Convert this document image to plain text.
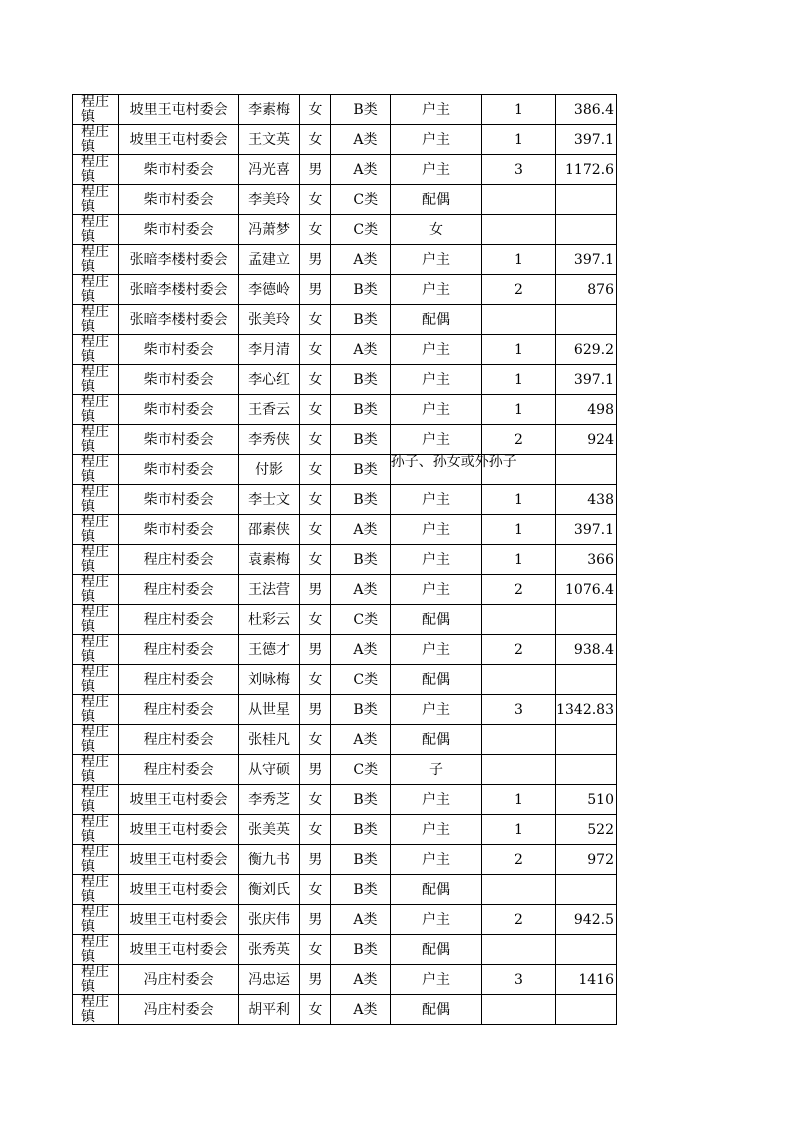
程庄镇	坡里王屯村委会	李素梅	女	B类	户主	1	386.4

程庄镇	坡里王屯村委会	王文英	女	A类	户主	1	397.1

程庄镇	柴市村委会	冯光喜	男	A类	户主	3	1172.6

程庄镇	柴市村委会	李美玲	女	C类	配偶		

程庄镇	柴市村委会	冯萧梦	女	C类	女		

程庄镇	张暗李楼村委会	孟建立	男	A类	户主	1	397.1

程庄镇	张暗李楼村委会	李德岭	男	B类	户主	2	876

程庄镇	张暗李楼村委会	张美玲	女	B类	配偶		

程庄镇	柴市村委会	李月清	女	A类	户主	1	629.2

程庄镇	柴市村委会	李心红	女	B类	户主	1	397.1

程庄镇	柴市村委会	王香云	女	B类	户主	1	498

程庄镇	柴市村委会	李秀侠	女	B类	户主	2	924

程庄镇	柴市村委会	付影	女	B类	孙子、孙女或外孙子		

程庄镇	柴市村委会	李士文	女	B类	户主	1	438

程庄镇	柴市村委会	邵素侠	女	A类	户主	1	397.1

程庄镇	程庄村委会	袁素梅	女	B类	户主	1	366

程庄镇	程庄村委会	王法营	男	A类	户主	2	1076.4

程庄镇	程庄村委会	杜彩云	女	C类	配偶		

程庄镇	程庄村委会	王德才	男	A类	户主	2	938.4

程庄镇	程庄村委会	刘咏梅	女	C类	配偶		

程庄镇	程庄村委会	从世星	男	B类	户主	3	1342.83

程庄镇	程庄村委会	张桂凡	女	A类	配偶		

程庄镇	程庄村委会	从守硕	男	C类	子		

程庄镇	坡里王屯村委会	李秀芝	女	B类	户主	1	510

程庄镇	坡里王屯村委会	张美英	女	B类	户主	1	522

程庄镇	坡里王屯村委会	衡九书	男	B类	户主	2	972

程庄镇	坡里王屯村委会	衡刘氏	女	B类	配偶		

程庄镇	坡里王屯村委会	张庆伟	男	A类	户主	2	942.5

程庄镇	坡里王屯村委会	张秀英	女	B类	配偶		

程庄镇	冯庄村委会	冯忠运	男	A类	户主	3	1416

程庄镇	冯庄村委会	胡平利	女	A类	配偶		
